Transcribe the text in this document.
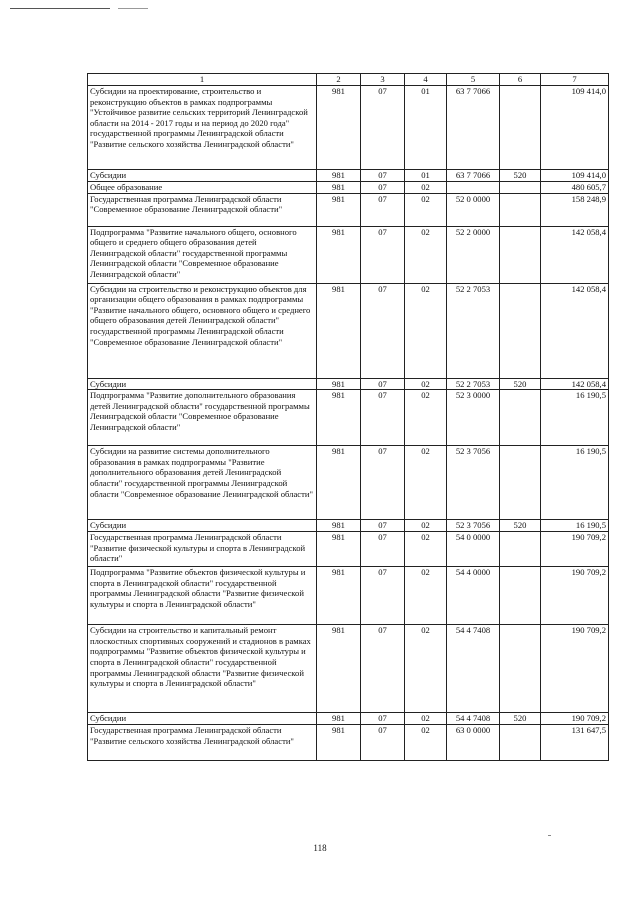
1	2	3	4	5	6	7
Субсидии на проектирование, строительство и реконструкцию объектов в рамках подпрограммы "Устойчивое развитие сельских территорий Ленинградской области на 2014 - 2017 годы и на период до 2020 года" государственной программы Ленинградской области "Развитие сельского хозяйства Ленинградской области"	981	07	01	63 7 7066		109 414,0
Субсидии	981	07	01	63 7 7066	520	109 414,0
Общее образование	981	07	02			480 605,7
Государственная программа Ленинградской области "Современное образование Ленинградской области"	981	07	02	52 0 0000		158 248,9
Подпрограмма "Развитие начального общего, основного общего и среднего общего образования детей Ленинградской области" государственной программы Ленинградской области "Современное образование Ленинградской области"	981	07	02	52 2 0000		142 058,4
Субсидии на строительство и реконструкцию объектов для организации общего образования в рамках подпрограммы "Развитие начального общего, основного общего и среднего общего образования детей Ленинградской области" государственной программы Ленинградской области "Современное образование Ленинградской области"	981	07	02	52 2 7053		142 058,4
Субсидии	981	07	02	52 2 7053	520	142 058,4
Подпрограмма "Развитие дополнительного образования детей Ленинградской области" государственной программы Ленинградской области "Современное образование Ленинградской области"	981	07	02	52 3 0000		16 190,5
Субсидии на развитие системы дополнительного образования в рамках подпрограммы "Развитие дополнительного образования детей Ленинградской области" государственной программы Ленинградской области "Современное образование Ленинградской области"	981	07	02	52 3 7056		16 190,5
Субсидии	981	07	02	52 3 7056	520	16 190,5
Государственная программа Ленинградской области "Развитие физической культуры и спорта в Ленинградской области"	981	07	02	54 0 0000		190 709,2
Подпрограмма "Развитие объектов физической культуры и спорта в Ленинградской области" государственной программы Ленинградской области "Развитие физической культуры и спорта в Ленинградской области"	981	07	02	54 4 0000		190 709,2
Субсидии на строительство и капитальный ремонт плоскостных спортивных сооружений и стадионов в рамках подпрограммы "Развитие объектов физической культуры и спорта в Ленинградской области" государственной программы Ленинградской области "Развитие физической культуры и спорта в Ленинградской области"	981	07	02	54 4 7408		190 709,2
Субсидии	981	07	02	54 4 7408	520	190 709,2
Государственная программа Ленинградской области "Развитие сельского хозяйства Ленинградской области"	981	07	02	63 0 0000		131 647,5
118
